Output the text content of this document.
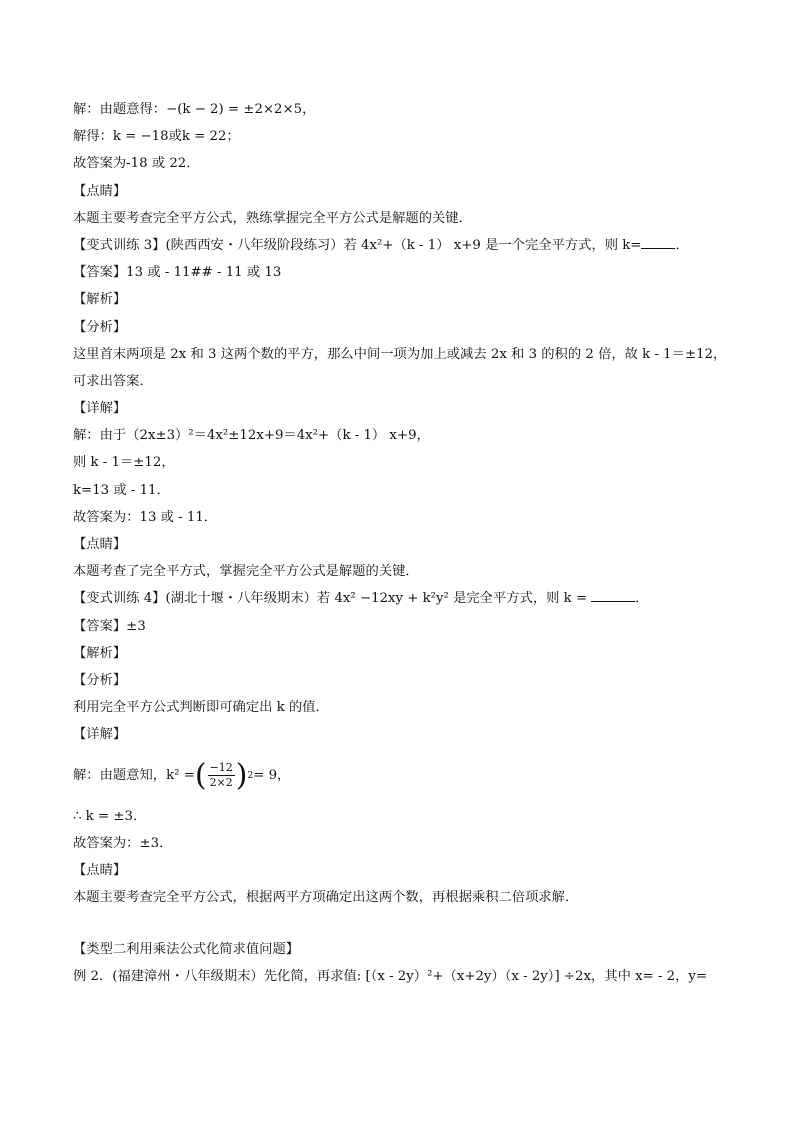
解：由题意得：−(k − 2) = ±2×2×5，
解得：k = −18或k = 22；
故答案为-18 或 22．
【点睛】
本题主要考查完全平方公式，熟练掌握完全平方公式是解题的关键．
【变式训练 3】(陕西西安・八年级阶段练习）若 4x²+（k - 1） x+9 是一个完全平方式，则 k=	．
【答案】13 或 - 11## - 11 或 13
【解析】
【分析】
这里首末两项是 2x 和 3 这两个数的平方，那么中间一项为加上或减去 2x 和 3 的积的 2 倍，故 k - 1＝±12，
可求出答案．
【详解】
解：由于（2x±3）²＝4x²±12x+9＝4x²+（k - 1） x+9，
则 k - 1＝±12，
k=13 或 - 11．
故答案为：13 或 - 11．
【点睛】
本题考查了完全平方式，掌握完全平方公式是解题的关键．
【变式训练 4】(湖北十堰・八年级期末）若 4x² −12xy + k²y² 是完全平方式，则 k =	．
【答案】±3
【解析】
【分析】
利用完全平方公式判断即可确定出 k 的值．
【详解】
解：由题意知，k² = ( $\frac{-12}{2\times 2}$ ) 2 = 9，
∴ k = ±3．
故答案为：±3．
【点睛】
本题主要考查完全平方公式，根据两平方项确定出这两个数，再根据乘积二倍项求解．
【类型二利用乘法公式化简求值问题】
例 2．(福建漳州・八年级期末）先化简，再求值: [（x - 2y）²+（x+2y）（x - 2y）] ÷2x，其中 x= - 2，y=
